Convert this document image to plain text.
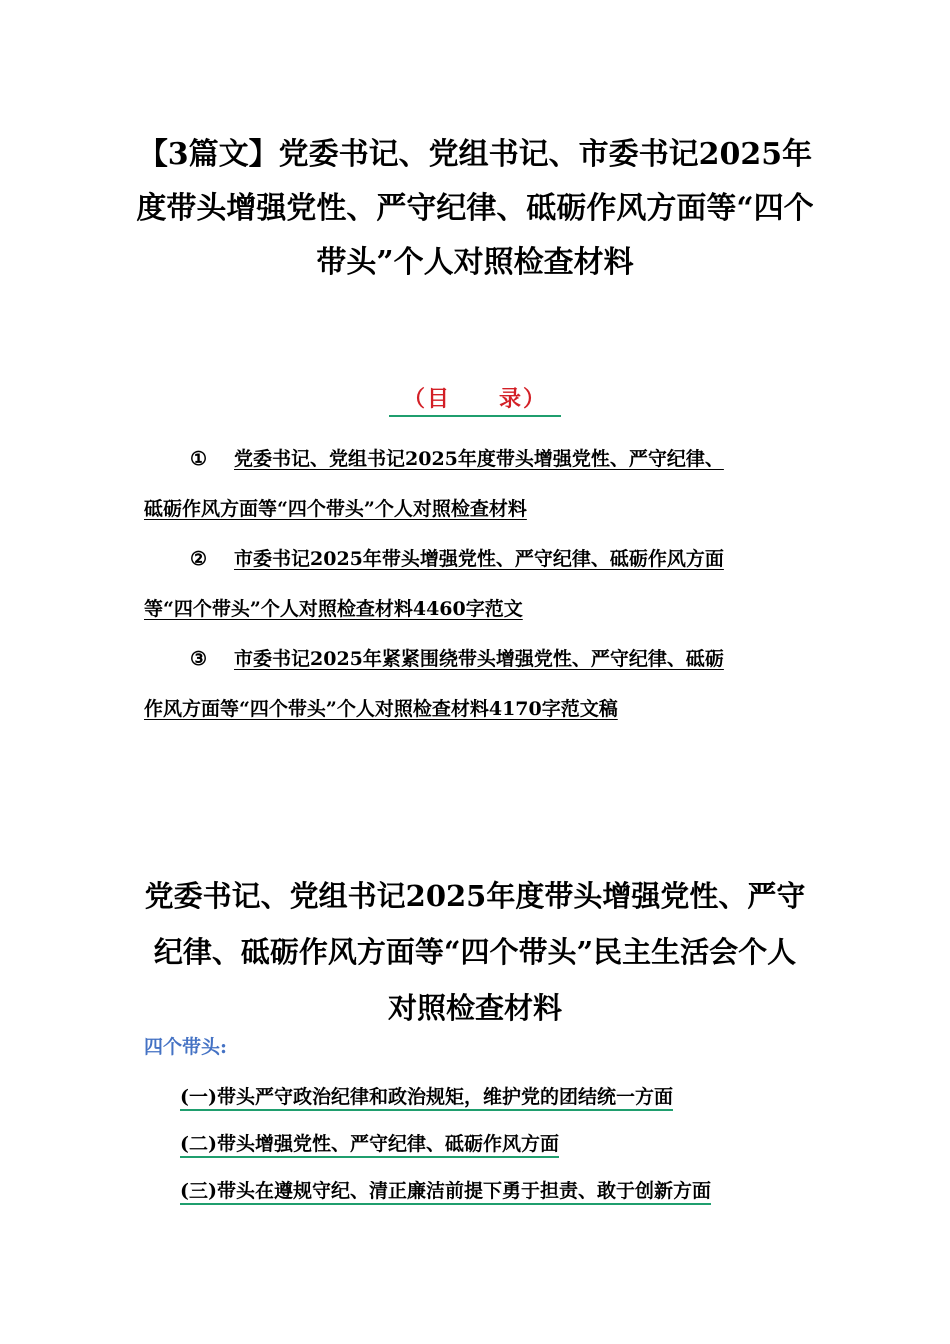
【3篇文】党委书记、党组书记、市委书记2025年
度带头增强党性、严守纪律、砥砺作风方面等“四个
带头”个人对照检查材料
（目 录）
① 党委书记、党组书记2025年度带头增强党性、严守纪律、
砥砺作风方面等“四个带头”个人对照检查材料
② 市委书记2025年带头增强党性、严守纪律、砥砺作风方面
等“四个带头”个人对照检查材料4460字范文
③ 市委书记2025年紧紧围绕带头增强党性、严守纪律、砥砺
作风方面等“四个带头”个人对照检查材料4170字范文稿
党委书记、党组书记2025年度带头增强党性、严守
纪律、砥砺作风方面等“四个带头”民主生活会个人
对照检查材料
四个带头:
(一)带头严守政治纪律和政治规矩，维护党的团结统一方面
(二)带头增强党性、严守纪律、砥砺作风方面
(三)带头在遵规守纪、清正廉洁前提下勇于担责、敢于创新方面
